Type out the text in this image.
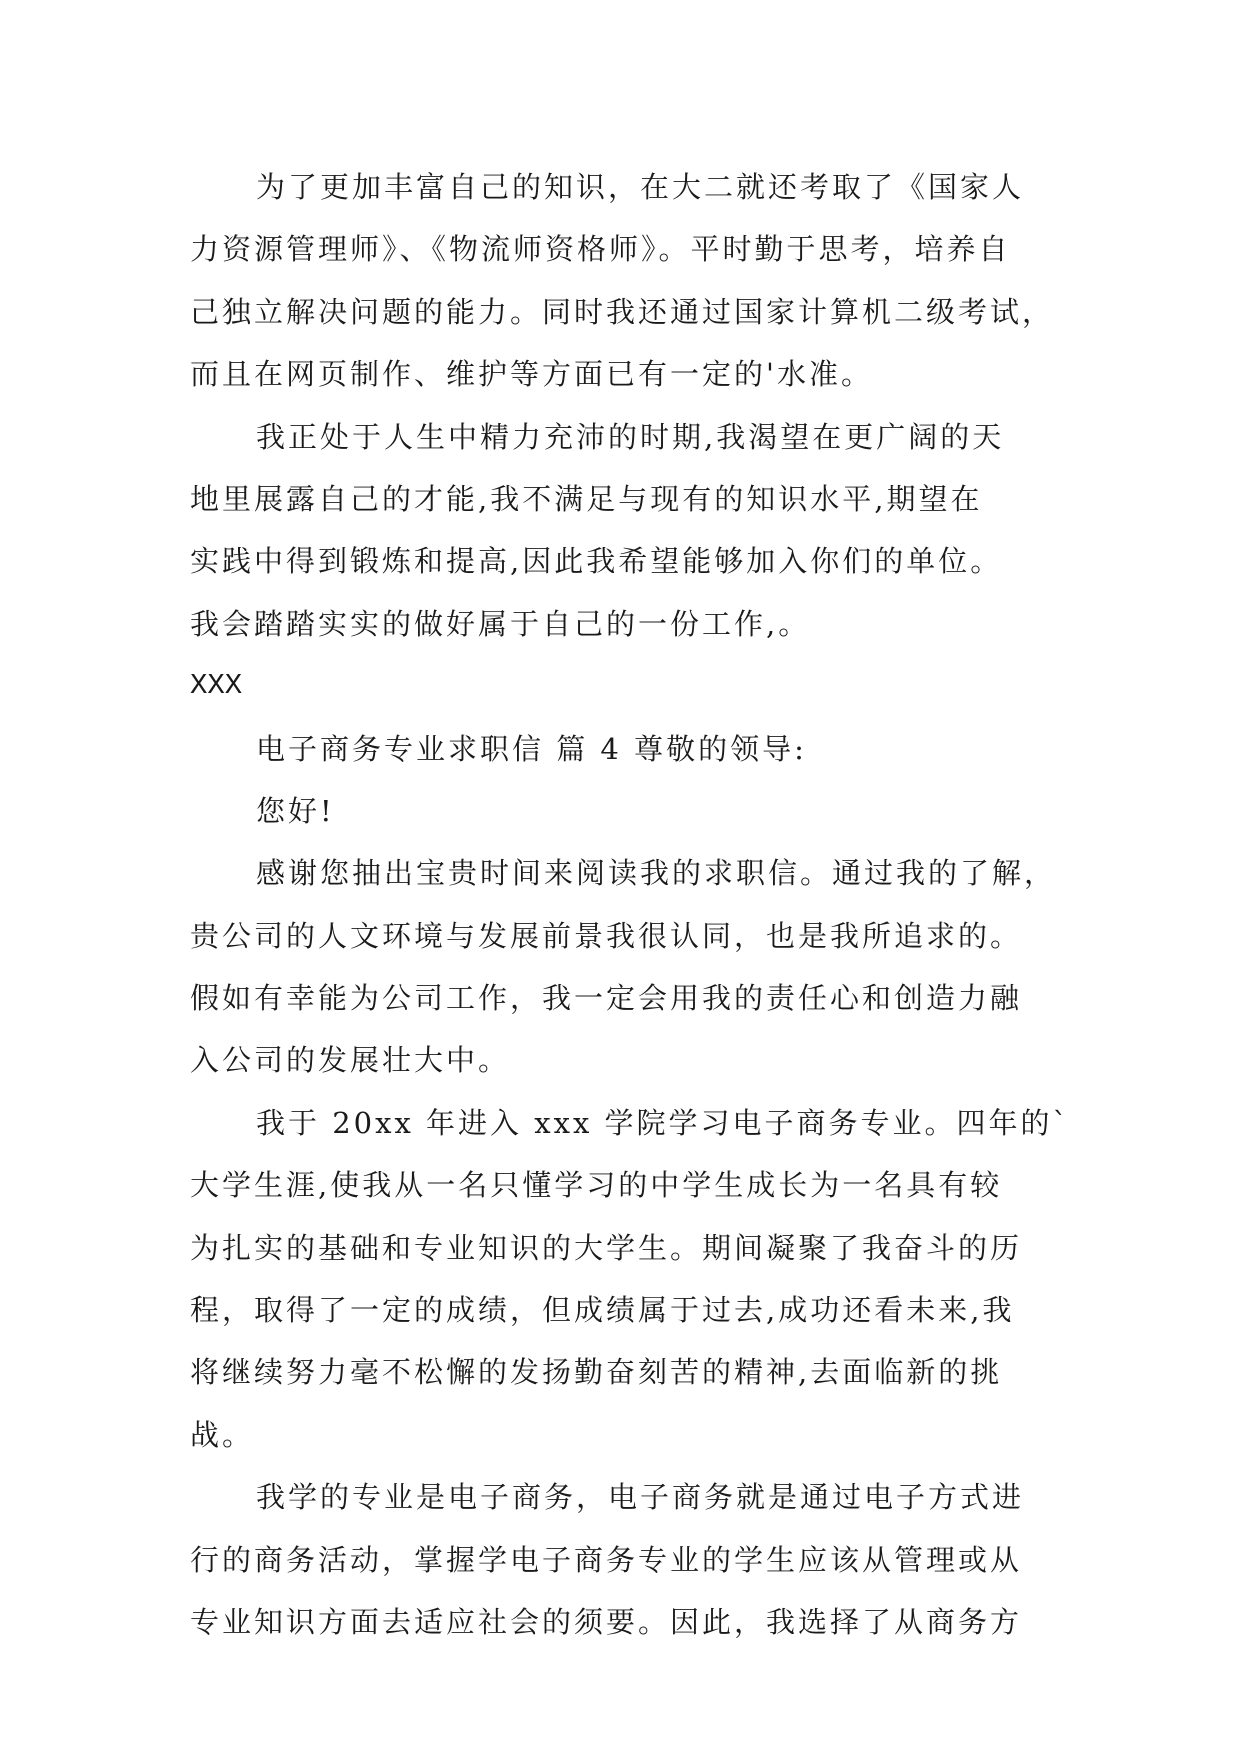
为了更加丰富自己的知识，在大二就还考取了《国家人
力资源管理师》、《物流师资格师》。平时勤于思考，培养自
己独立解决问题的能力。同时我还通过国家计算机二级考试，
而且在网页制作、维护等方面已有一定的'水准。
我正处于人生中精力充沛的时期,我渴望在更广阔的天
地里展露自己的才能,我不满足与现有的知识水平,期望在
实践中得到锻炼和提高,因此我希望能够加入你们的单位。
我会踏踏实实的做好属于自己的一份工作,。
XXX
电子商务专业求职信 篇 4 尊敬的领导:
您好!
感谢您抽出宝贵时间来阅读我的求职信。通过我的了解，
贵公司的人文环境与发展前景我很认同，也是我所追求的。
假如有幸能为公司工作，我一定会用我的责任心和创造力融
入公司的发展壮大中。
我于 20xx 年进入 xxx 学院学习电子商务专业。四年的`
大学生涯,使我从一名只懂学习的中学生成长为一名具有较
为扎实的基础和专业知识的大学生。期间凝聚了我奋斗的历
程，取得了一定的成绩，但成绩属于过去,成功还看未来,我
将继续努力毫不松懈的发扬勤奋刻苦的精神,去面临新的挑
战。
我学的专业是电子商务，电子商务就是通过电子方式进
行的商务活动，掌握学电子商务专业的学生应该从管理或从
专业知识方面去适应社会的须要。因此，我选择了从商务方
